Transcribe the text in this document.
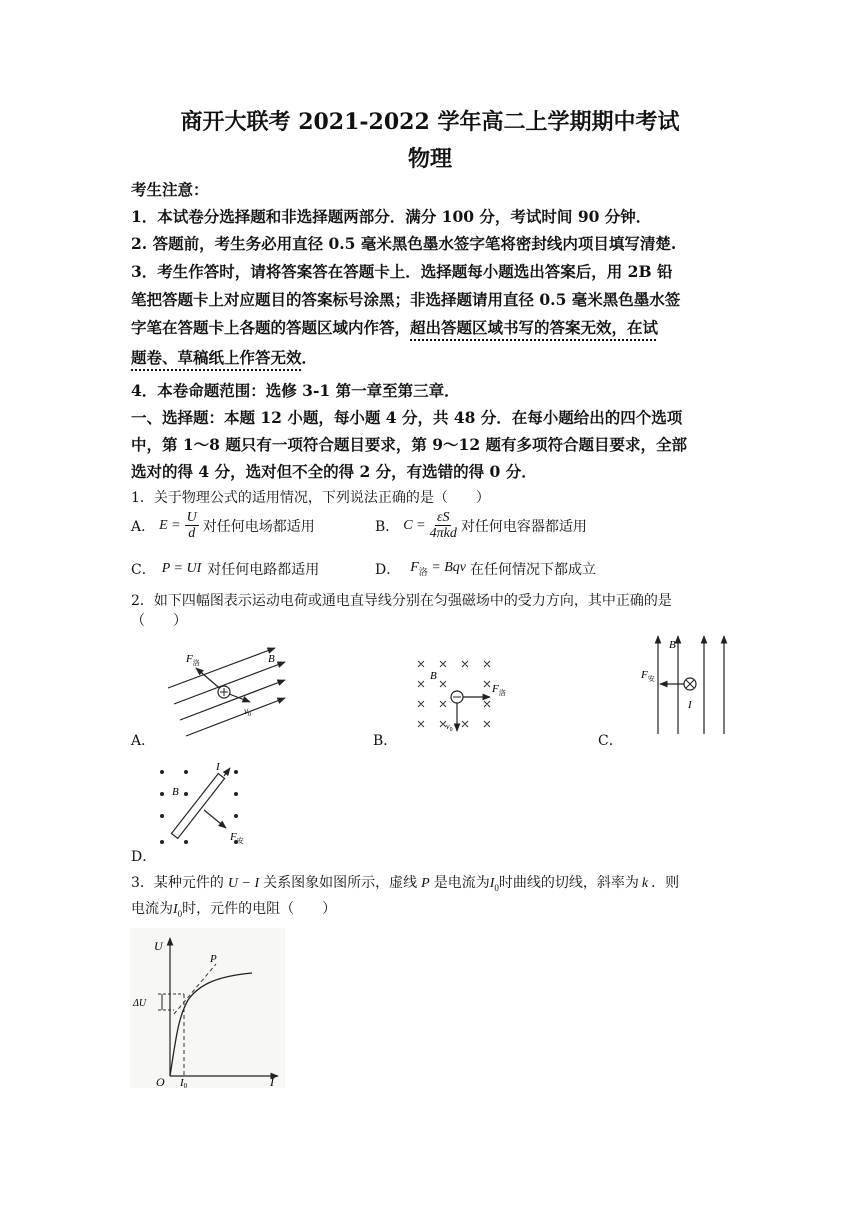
商开大联考 2021-2022 学年高二上学期期中考试
物理
考生注意：
1．本试卷分选择题和非选择题两部分．满分 100 分，考试时间 90 分钟．
2. 答题前，考生务必用直径 0.5 毫米黑色墨水签字笔将密封线内项目填写清楚.
3．考生作答时，请将答案答在答题卡上．选择题每小题选出答案后，用 2B 铅
笔把答题卡上对应题目的答案标号涂黑；非选择题请用直径 0.5 毫米黑色墨水签
字笔在答题卡上各题的答题区域内作答，超出答题区域书写的答案无效，在试
题卷、草稿纸上作答无效．
4．本卷命题范围：选修 3-1 第一章至第三章．
一、选择题：本题 12 小题，每小题 4 分，共 48 分．在每小题给出的四个选项
中，第 1～8 题只有一项符合题目要求，第 9～12 题有多项符合题目要求，全部
选对的得 4 分，选对但不全的得 2 分，有选错的得 0 分．
1．关于物理公式的适用情况，下列说法正确的是（　　）
A． $E = \frac{U}{d}$ 对任何电场都适用	B． $C = \frac{\varepsilon S}{\text{4πkd}}$ 对任何电容器都适用
C． P = UI 对任何电路都适用	D． $F_洛$ = Bqv 在任何情况下都成立
2．如下四幅图表示运动电荷或通电直导线分别在匀强磁场中的受力方向，其中正确的是
（　　）
$F_洛$	B
$v_0$
A．
B
$F_洛$
$v_0$
B．
B
$F_安$
I
C．
I
B
$F_安$
D．
3．某种元件的 U − I 关系图象如图所示，虚线 P 是电流为$I_0$时曲线的切线，斜率为 k ．则
电流为$I_0$时，元件的电阻（　　）
U
I
O
P
ΔU
I0
